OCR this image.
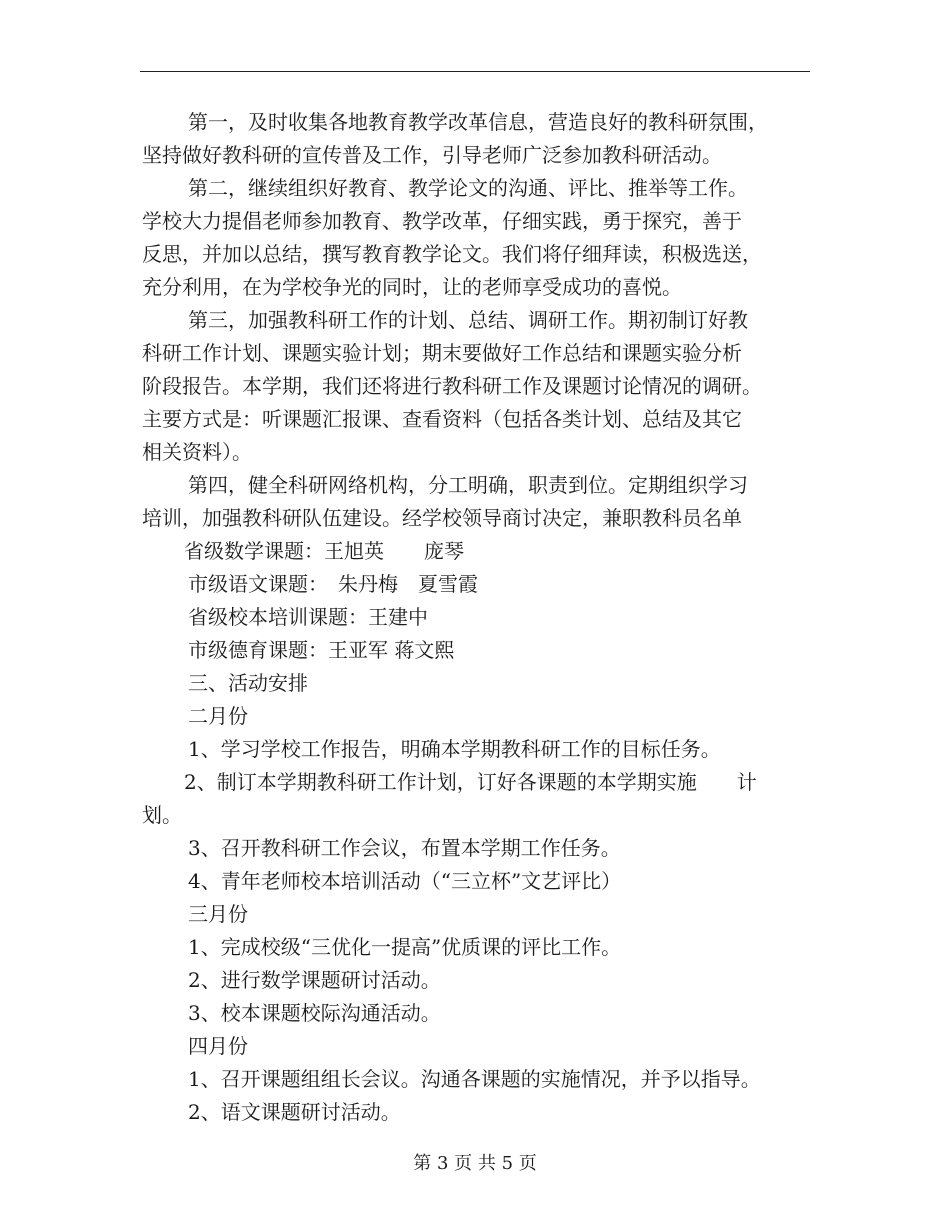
第一，及时收集各地教育教学改革信息，营造良好的教科研氛围，
坚持做好教科研的宣传普及工作，引导老师广泛参加教科研活动。
第二，继续组织好教育、教学论文的沟通、评比、推举等工作。
学校大力提倡老师参加教育、教学改革，仔细实践，勇于探究，善于
反思，并加以总结，撰写教育教学论文。我们将仔细拜读，积极选送，
充分利用，在为学校争光的同时，让的老师享受成功的喜悦。
第三，加强教科研工作的计划、总结、调研工作。期初制订好教
科研工作计划、课题实验计划；期末要做好工作总结和课题实验分析
阶段报告。本学期，我们还将进行教科研工作及课题讨论情况的调研。
主要方式是：听课题汇报课、查看资料（包括各类计划、总结及其它
相关资料）。
第四，健全科研网络机构，分工明确，职责到位。定期组织学习
培训，加强教科研队伍建设。经学校领导商讨决定，兼职教科员名单
省级数学课题：王旭英　　庞琴
市级语文课题：　朱丹梅　夏雪霞
省级校本培训课题：王建中
市级德育课题：王亚军 蒋文熙
三、活动安排
二月份
1、学习学校工作报告，明确本学期教科研工作的目标任务。
2、制订本学期教科研工作计划，订好各课题的本学期实施　　计
划。
3、召开教科研工作会议，布置本学期工作任务。
4、青年老师校本培训活动（“三立杯”文艺评比）
三月份
1、完成校级“三优化一提高”优质课的评比工作。
2、进行数学课题研讨活动。
3、校本课题校际沟通活动。
四月份
1、召开课题组组长会议。沟通各课题的实施情况，并予以指导。
2、语文课题研讨活动。
第 3 页 共 5 页
